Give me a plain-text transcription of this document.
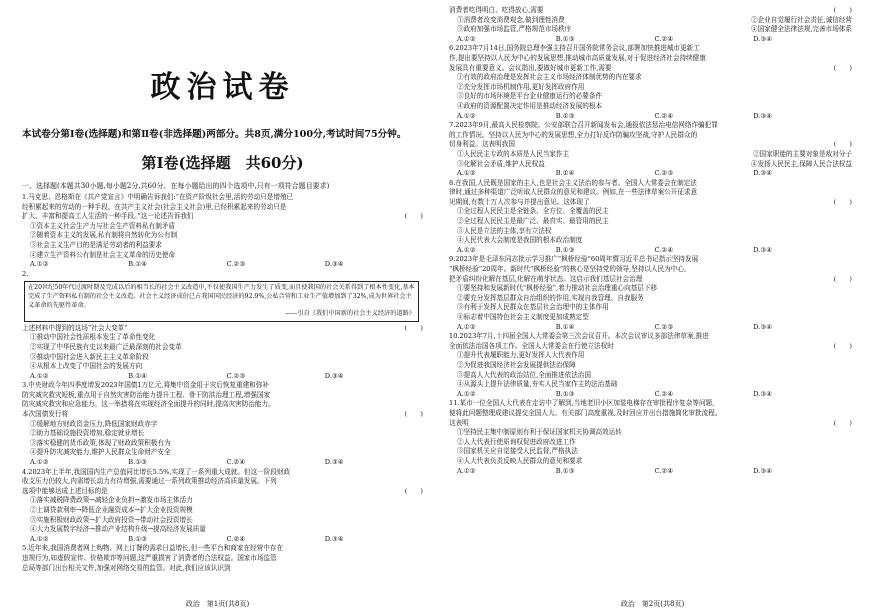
政治试卷
本试卷分第Ⅰ卷(选择题)和第Ⅱ卷(非选择题)两部分。共8页,满分100分,考试时间75分钟。
第Ⅰ卷(选择题　共60分)
一、选择题(本题共30小题,每小题2分,共60分。在每小题给出的四个选项中,只有一项符合题目要求)
1.马克思、恩格斯在《共产党宣言》中明确告诉我们:“在资产阶级社会里,活的劳动只是增殖已
经积累起来的劳动的一种手段。在共产主义社会(社会主义社会)里,已经积累起来的劳动只是
扩大、丰富和提高工人生活的一种手段。”这一论述告诉我们	(　　)
①资本主义社会生产力与社会生产资料私有制矛盾
②随着资本主义的发展,私有制将自然转化为公有制
③社会主义生产目的是满足劳动者的利益要求
④建立生产资料公有制是社会主义革命的历史使命
A.①②	B.①④	C.②③	D.③④
2.
在20世纪50年代过渡时期及完成以后的相当长的社会主义改造中,不仅使我国生产力发生了质变,而且使我国的社会关系得到了根本性变化,基本完成了生产资料私有制的社会主义改造。社会主义经济成份已占我国国民经济的92.9%,公私合营和工业生产值增加到了32%,成为世界社会主义革命的先驱性革命。
——引自《我们中国新的社会主义经济的道路》
上述材料中提到的这场“社会大变革”	(　　)
①推动中国社会性质根本发生了革命性变化
②实现了中华民族有史以来最广泛最深刻的社会变革
③推动中国社会进入新民主主义革命阶段
④从根本上改变了中国社会的发展方向
A.①②	B.①④	C.②③	D.③④
3.中央财政今年四季度增发2023年国债1万亿元,将集中资金用于灾后恢复重建和弥补
防灾减灾救灾短板,重点用于自然灾害防治能力提升工程、骨干防洪治理工程,增强国家
防灾减灾救灾和应急能力。这一举措将在实现经济全面提升的同时,提高灾害防治能力。
本次国债发行将	(　　)
①缓解地方财政资金压力,降低国家财政赤字
②助力基础设施投资增加,稳定就业增长
③落实稳健的货币政策,体现了财政政策积极有为
④提升防灾减灾能力,维护人民群众生命财产安全
A.①②	B.①③	C.②④	D.③④
4.2023年上半年,我国国内生产总值同比增长5.5%,实现了一系列重大成就。但这一阶段财政
收支压力仍较大,内需增长动力有待增强,需要通过一系列政策推动经济高质量发展。下列
选项中能够达成上述目标的是	(　　)
①落实减税降费政策→减轻企业负担→激发市场主体活力
②上调贷款利率→降低企业融资成本→扩大企业投资规模
③实施积极财政政策→扩大政府投资→带动社会投资增长
④大力发展数字经济→推动产业结构升级→提高经济发展质量
A.①②	B.①③	C.②④	D.③④
5.近年来,我国消费者网上购物、网上订餐的需求日益增长,但一些平台和商家在经营中存在
违规行为,如虚假宣传、价格欺诈等问题,这严重损害了消费者的合法权益。国家市场监管
总局等部门出台相关文件,加强对网络交易的监管。对此,我们应该认识到
政治　第1页(共8页)
消费者吃得明白、吃得放心,需要	(　　)
①消费者改变消费观念,做到理性消费	②企业自觉履行社会责任,诚信经营
③政府加强市场监管,严格规范市场秩序	④国家健全法律法规,完善市场体系
A.①②	B.①③	C.②④	D.③④
6.2023年7月14日,国务院总理李强主持召开国务院常务会议,部署加快推进城市更新工
作,提出要坚持以人民为中心的发展思想,推动城市高质量发展,对于促进经济社会持续健康
发展具有重要意义。会议指出,要做好城市更新工作,需要	(　　)
①有效的政府治理是发挥社会主义市场经济体制优势的内在要求
②充分发挥市场机制作用,更好发挥政府作用
③良好的市场环境是平台企业健康运行的必要条件
④政府的资源配置决定作用是推动经济发展的根本
A.①②	B.①③	C.②④	D.③④
7.2023年9月,最高人民检察院、公安部联合召开新闻发布会,通报依法惩治电信网络诈骗犯罪
的工作情况。坚持以人民为中心的发展思想,全力打好反诈防骗攻坚战,守护人民群众的
切身利益。这表明我国	(　　)
①人民民主专政的本质是人民当家作主	②国家职能的主要对象是敌对分子
③化解社会矛盾,维护人民权益	④发扬人民民主,保障人民合法权益
A.①②	B.①④	C.②③	D.③④
8.在我国,人民既是国家的主人,也是社会主义法治的参与者。全国人大常委会在制定法
律时,通过多种渠道广泛听取人民群众的意见和建议。例如,在一些法律草案公开征求意
见期间,有数十万人次参与并提出意见。这体现了	(　　)
①全过程人民民主是全链条、全方位、全覆盖的民主
②全过程人民民主是最广泛、最真实、最管用的民主
③人民是立法的主体,享有立法权
④人民代表大会制度是我国的根本政治制度
A.①②	B.①③	C.②④	D.③④
9.2023年是毛泽东同志批示学习推广“枫桥经验”60周年暨习近平总书记指示坚持发展
“枫桥经验”20周年。新时代“枫桥经验”的核心是坚持党的领导,坚持以人民为中心,
把矛盾纠纷化解在基层,化解在萌芽状态。这启示我们基层社会治理	(　　)
①要坚持和发展新时代“枫桥经验”,着力推动社会治理重心向基层下移
②要充分发挥基层群众自治组织的作用,实现自我管理、自我服务
③有利于发挥人民群众在基层社会治理中的主体作用
④标志着中国特色社会主义制度更加成熟定型
A.①②	B.①④	C.②③	D.③④
10.2023年7月,十四届全国人大常委会第三次会议召开。本次会议审议多部法律草案,推进
全面依法治国各项工作。全国人大常委会在行使立法权时	(　　)
①提升代表履职能力,更好发挥人大代表作用
②为促进我国经济社会发展提供法治保障
③提高人大代表的政治站位,全面推进依法治国
④从源头上提升法律质量,夯实人民当家作主的法治基础
A.①②	B.①③	C.②④	D.③④
11.某市一位全国人大代表在走访中了解到,当地老旧小区加装电梯存在审批程序复杂等问题,
便将此问题整理成建议提交全国人大。有关部门高度重视,及时回应并出台措施简化审批流程。
这表明	(　　)
①坚持民主集中制原则有利于保证国家机关协调高效运转
②人大代表行使质询权促进政府改进工作
③国家机关应自觉接受人民监督,严格执法
④人大代表负责反映人民群众的意见和要求
A.①②	B.①③	C.②④	D.③④
政治　第2页(共8页)
